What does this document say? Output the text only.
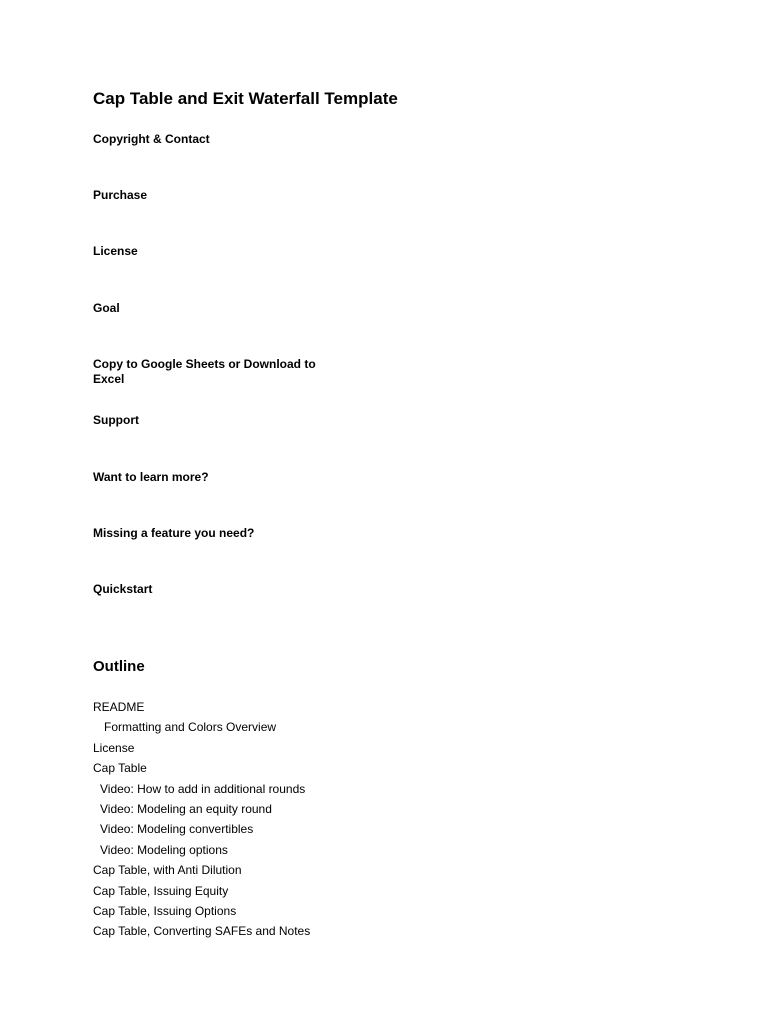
Cap Table and Exit Waterfall Template
Copyright & Contact
Purchase
License
Goal
Copy to Google Sheets or Download to Excel
Support
Want to learn more?
Missing a feature you need?
Quickstart
Outline
README
Formatting and Colors Overview
License
Cap Table
Video: How to add in additional rounds
Video: Modeling an equity round
Video: Modeling convertibles
Video: Modeling options
Cap Table, with Anti Dilution
Cap Table, Issuing Equity
Cap Table, Issuing Options
Cap Table, Converting SAFEs and Notes
